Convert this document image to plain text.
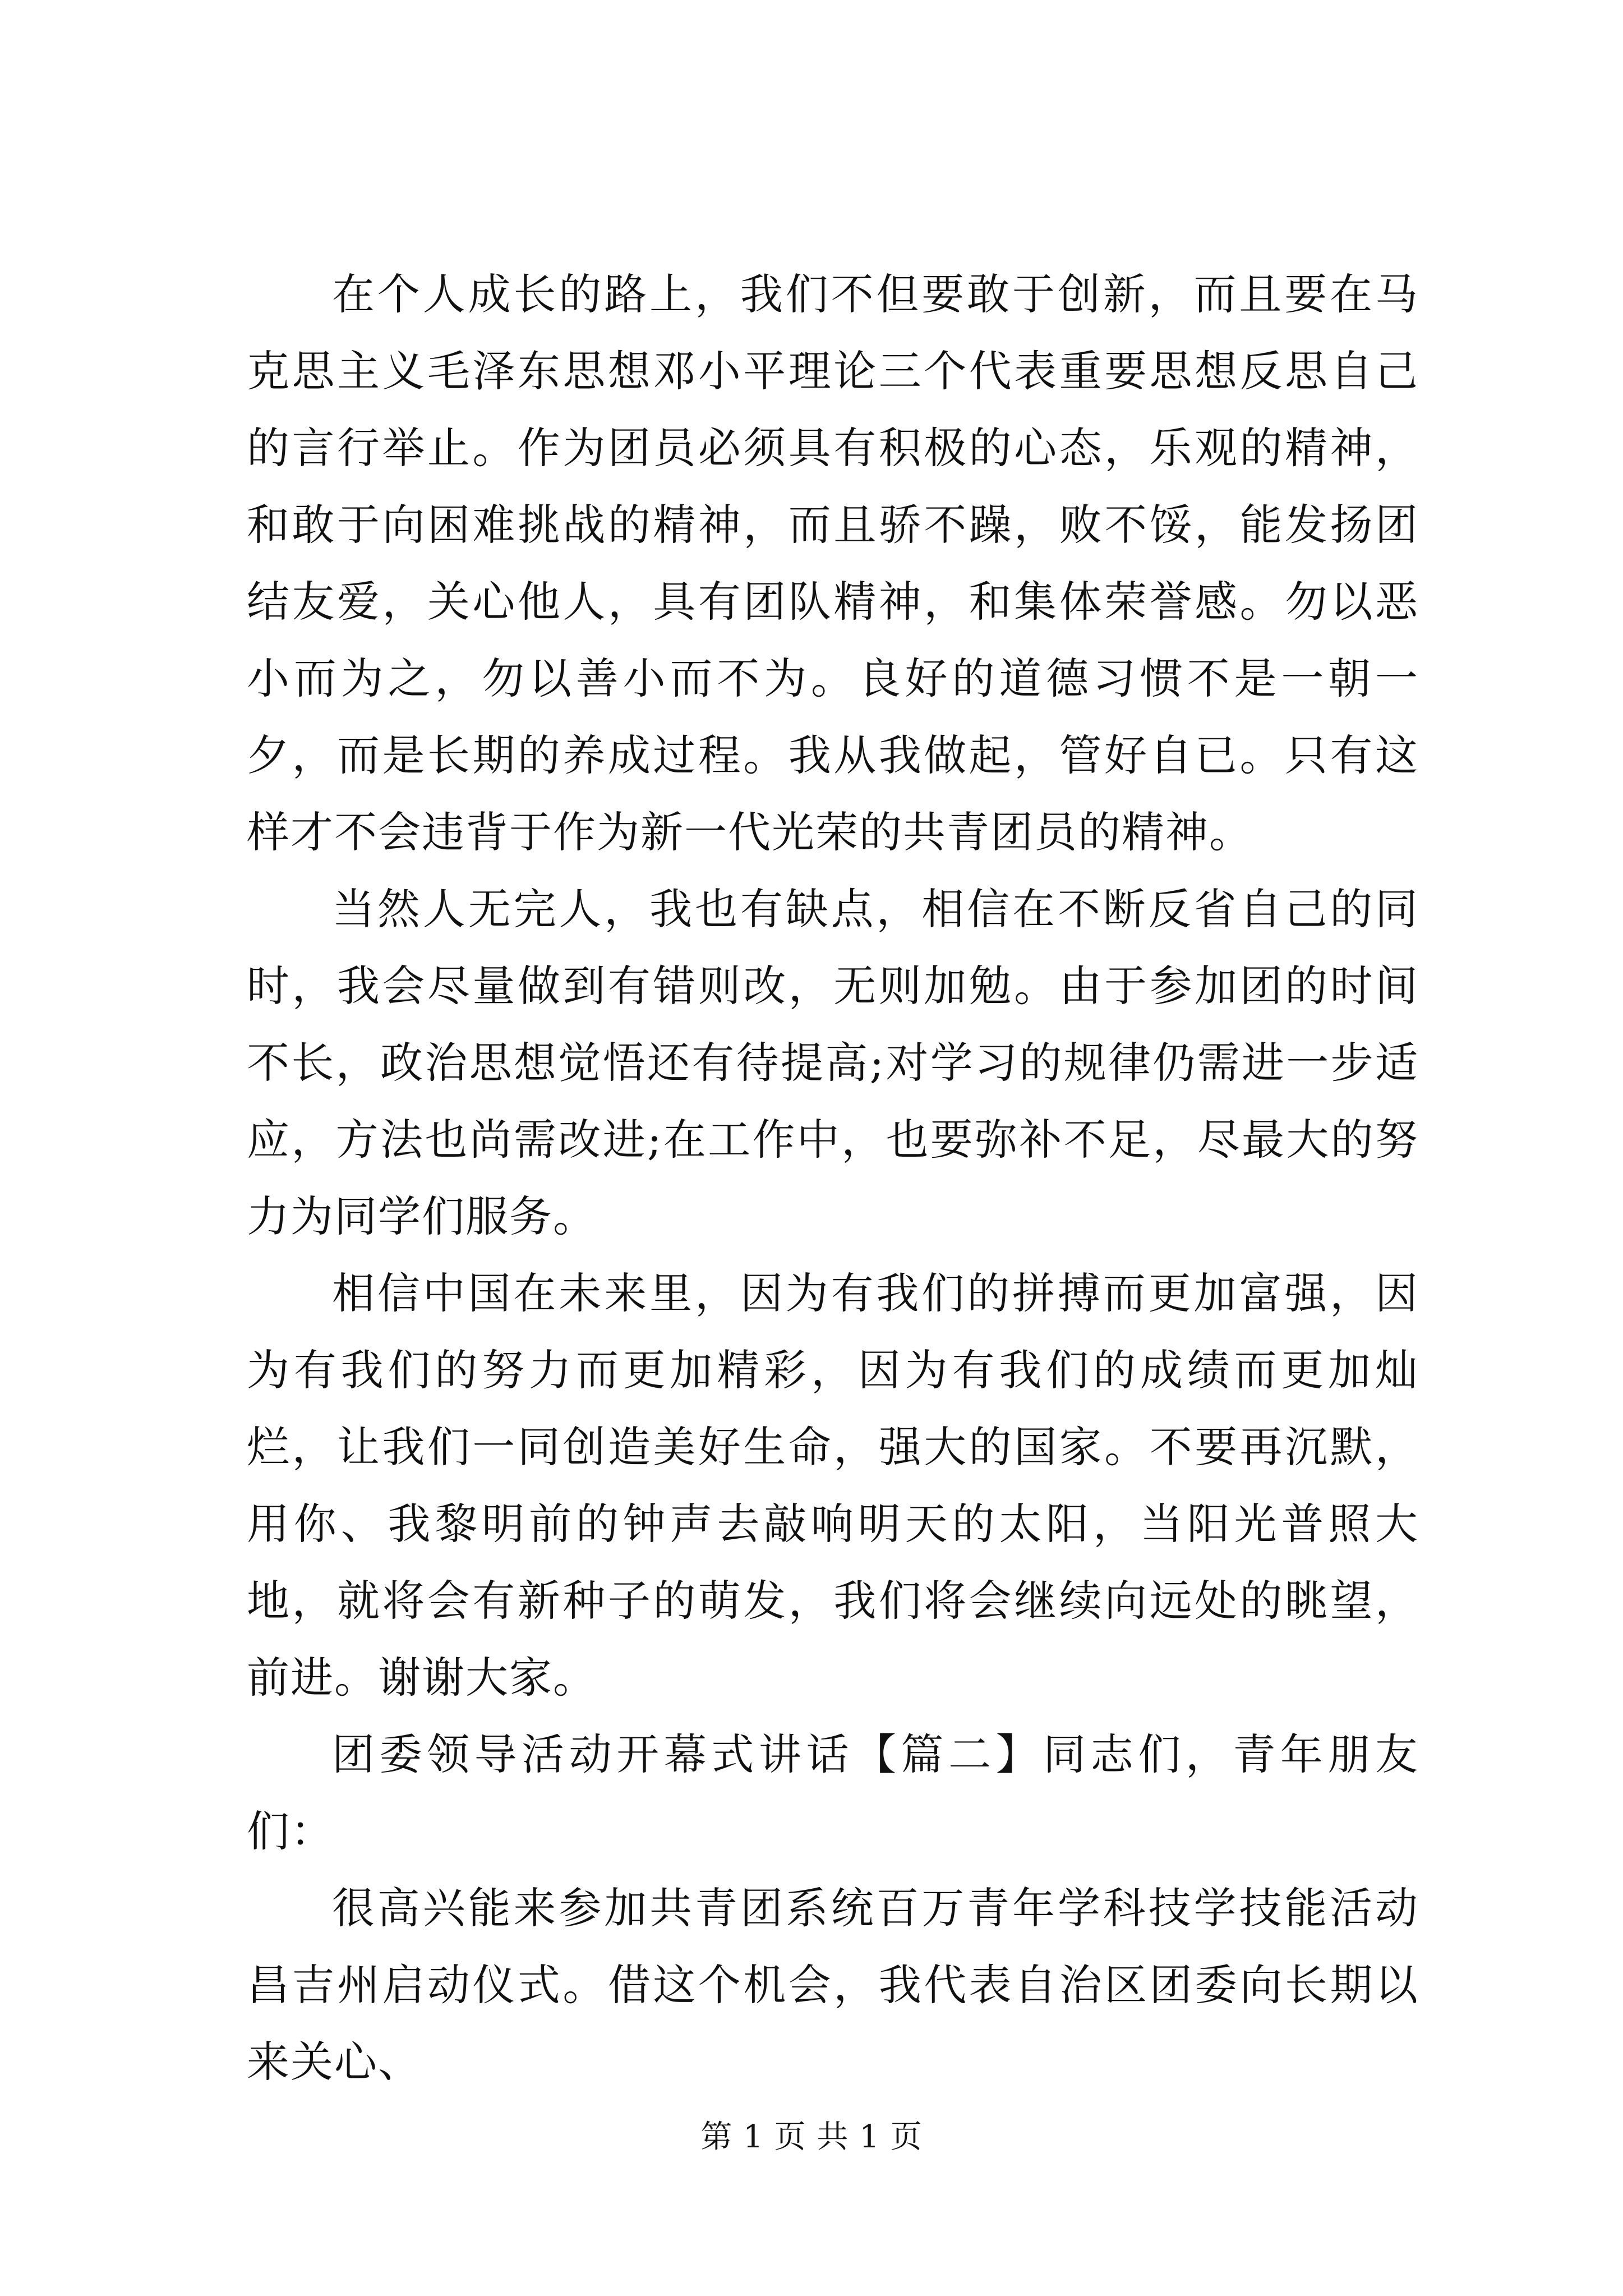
在个人成长的路上，我们不但要敢于创新，而且要在马克思主义毛泽东思想邓小平理论三个代表重要思想反思自己的言行举止。作为团员必须具有积极的心态，乐观的精神，和敢于向困难挑战的精神，而且骄不躁，败不馁，能发扬团结友爱，关心他人，具有团队精神，和集体荣誉感。勿以恶小而为之，勿以善小而不为。良好的道德习惯不是一朝一夕，而是长期的养成过程。我从我做起，管好自已。只有这样才不会违背于作为新一代光荣的共青团员的精神。

当然人无完人，我也有缺点，相信在不断反省自己的同时，我会尽量做到有错则改，无则加勉。由于参加团的时间不长，政治思想觉悟还有待提高;对学习的规律仍需进一步适应，方法也尚需改进;在工作中，也要弥补不足，尽最大的努力为同学们服务。

相信中国在未来里，因为有我们的拼搏而更加富强，因为有我们的努力而更加精彩，因为有我们的成绩而更加灿烂，让我们一同创造美好生命，强大的国家。不要再沉默，用你、我黎明前的钟声去敲响明天的太阳，当阳光普照大地，就将会有新种子的萌发，我们将会继续向远处的眺望，前进。谢谢大家。

团委领导活动开幕式讲话【篇二】同志们，青年朋友们：

很高兴能来参加共青团系统百万青年学科技学技能活动昌吉州启动仪式。借这个机会，我代表自治区团委向长期以来关心、

第 1 页 共 1 页
